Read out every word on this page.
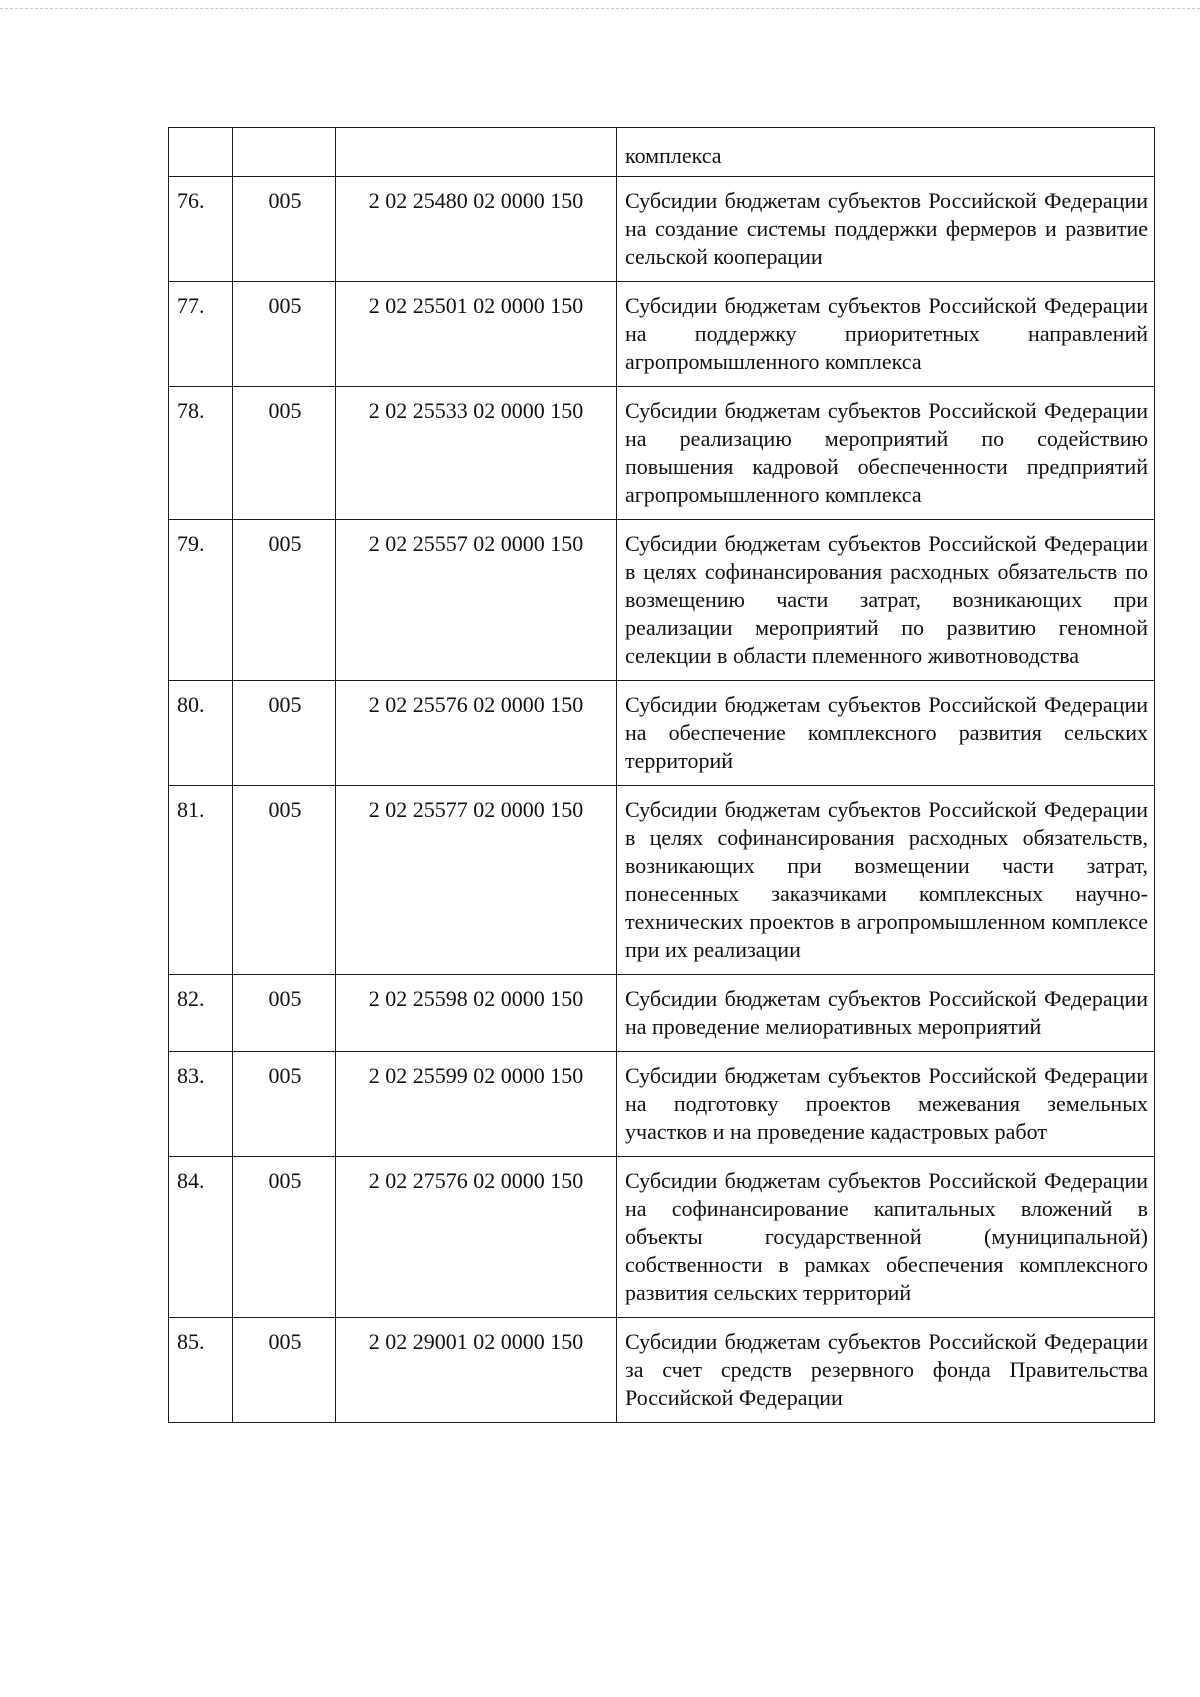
			комплекса
76.	005	2 02 25480 02 0000 150	Субсидии бюджетам субъектов Российской Федерации на создание системы поддержки фермеров и развитие сельской кооперации
77.	005	2 02 25501 02 0000 150	Субсидии бюджетам субъектов Российской Федерации на поддержку приоритетных направлений агропромышленного комплекса
78.	005	2 02 25533 02 0000 150	Субсидии бюджетам субъектов Российской Федерации на реализацию мероприятий по содействию повышения кадровой обеспеченности предприятий агропромышленного комплекса
79.	005	2 02 25557 02 0000 150	Субсидии бюджетам субъектов Российской Федерации в целях софинансирования расходных обязательств по возмещению части затрат, возникающих при реализации мероприятий по развитию геномной селекции в области племенного животноводства
80.	005	2 02 25576 02 0000 150	Субсидии бюджетам субъектов Российской Федерации на обеспечение комплексного развития сельских территорий
81.	005	2 02 25577 02 0000 150	Субсидии бюджетам субъектов Российской Федерации в целях софинансирования расходных обязательств, возникающих при возмещении части затрат, понесенных заказчиками комплексных научно-технических проектов в агропромышленном комплексе при их реализации
82.	005	2 02 25598 02 0000 150	Субсидии бюджетам субъектов Российской Федерации на проведение мелиоративных мероприятий
83.	005	2 02 25599 02 0000 150	Субсидии бюджетам субъектов Российской Федерации на подготовку проектов межевания земельных участков и на проведение кадастровых работ
84.	005	2 02 27576 02 0000 150	Субсидии бюджетам субъектов Российской Федерации на софинансирование капитальных вложений в объекты государственной (муниципальной) собственности в рамках обеспечения комплексного развития сельских территорий
85.	005	2 02 29001 02 0000 150	Субсидии бюджетам субъектов Российской Федерации за счет средств резервного фонда Правительства Российской Федерации
